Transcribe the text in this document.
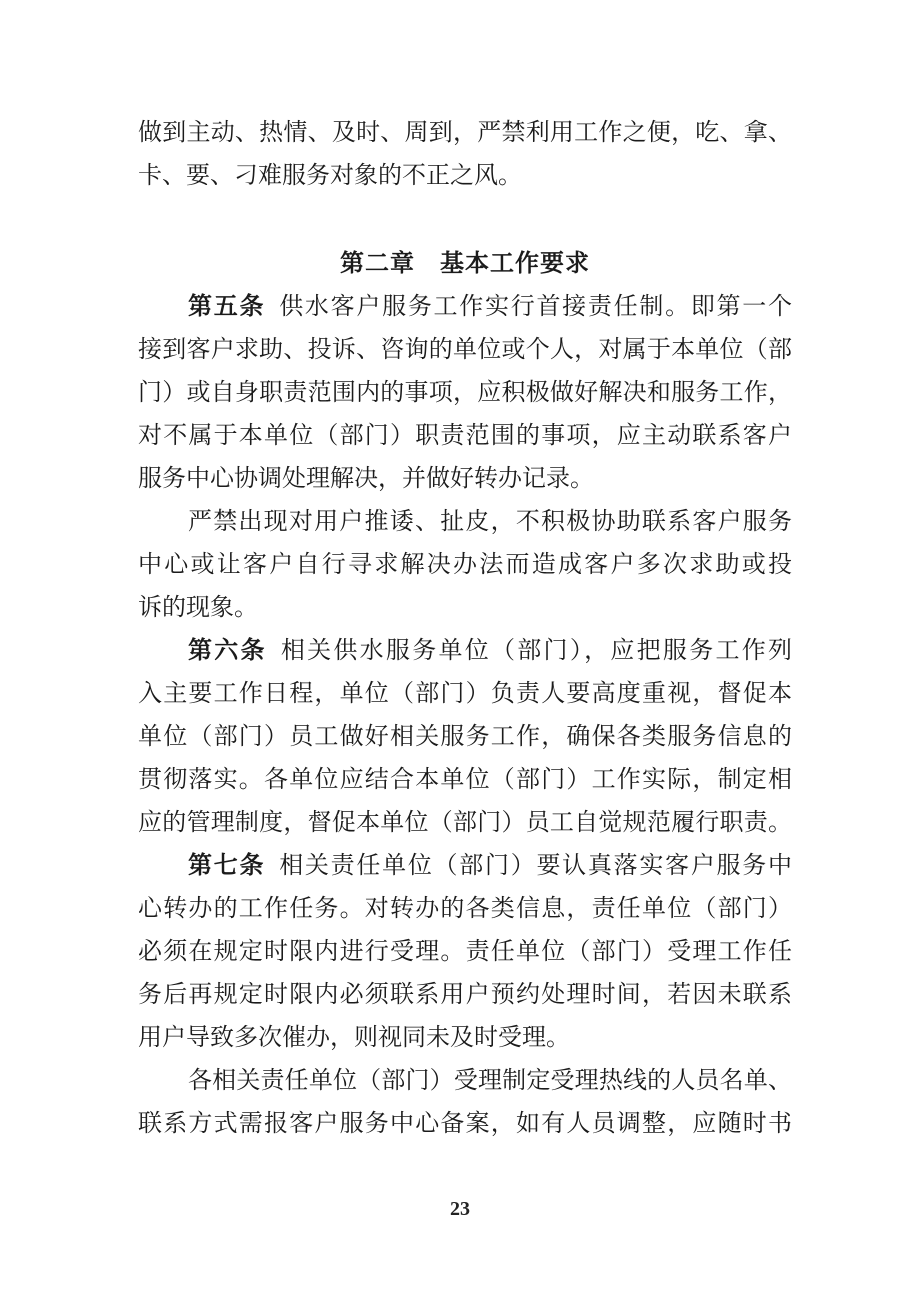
做到主动、热情、及时、周到，严禁利用工作之便，吃、拿、
卡、要、刁难服务对象的不正之风。
第二章　基本工作要求
第五条 供水客户服务工作实行首接责任制。即第一个
接到客户求助、投诉、咨询的单位或个人，对属于本单位（部
门）或自身职责范围内的事项，应积极做好解决和服务工作，
对不属于本单位（部门）职责范围的事项，应主动联系客户
服务中心协调处理解决，并做好转办记录。
严禁出现对用户推诿、扯皮，不积极协助联系客户服务
中心或让客户自行寻求解决办法而造成客户多次求助或投
诉的现象。
第六条 相关供水服务单位（部门），应把服务工作列
入主要工作日程，单位（部门）负责人要高度重视，督促本
单位（部门）员工做好相关服务工作，确保各类服务信息的
贯彻落实。各单位应结合本单位（部门）工作实际，制定相
应的管理制度，督促本单位（部门）员工自觉规范履行职责。
第七条 相关责任单位（部门）要认真落实客户服务中
心转办的工作任务。对转办的各类信息，责任单位（部门）
必须在规定时限内进行受理。责任单位（部门）受理工作任
务后再规定时限内必须联系用户预约处理时间，若因未联系
用户导致多次催办，则视同未及时受理。
各相关责任单位（部门）受理制定受理热线的人员名单、
联系方式需报客户服务中心备案，如有人员调整，应随时书
23
